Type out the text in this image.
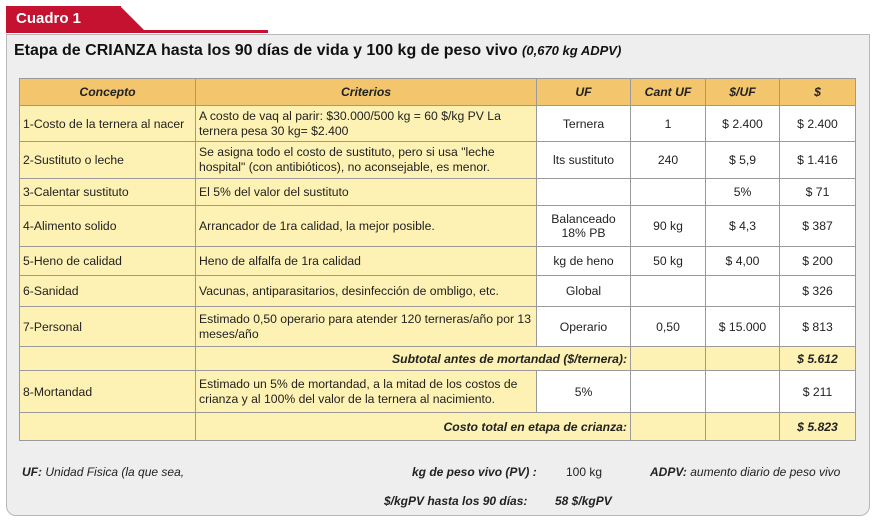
Cuadro 1
Etapa de CRIANZA hasta los 90 días de vida y 100 kg de peso vivo (0,670 kg ADPV)
Concepto	Criterios	UF	Cant UF	$/UF	$
1-Costo de la ternera al nacer	A costo de vaq al parir: $30.000/500 kg = 60 $/kg PV La ternera pesa 30 kg= $2.400	Ternera	1	$ 2.400	$ 2.400
2-Sustituto o leche	Se asigna todo el costo de sustituto, pero si usa "leche hospital" (con antibióticos), no aconsejable, es menor.	lts sustituto	240	$ 5,9	$ 1.416
3-Calentar sustituto	El 5% del valor del sustituto			5%	$ 71
4-Alimento solido	Arrancador de 1ra calidad, la mejor posible.	Balanceado 18% PB	90 kg	$ 4,3	$ 387
5-Heno de calidad	Heno de alfalfa de 1ra calidad	kg de heno	50 kg	$ 4,00	$ 200
6-Sanidad	Vacunas, antiparasitarios, desinfección de ombligo, etc.	Global			$ 326
7-Personal	Estimado 0,50 operario para atender 120 terneras/año por 13 meses/año	Operario	0,50	$ 15.000	$ 813
	Subtotal antes de mortandad ($/ternera):				$ 5.612
8-Mortandad	Estimado un 5% de mortandad, a la mitad de los costos de crianza y al 100% del valor de la ternera al nacimiento.	5%			$ 211
	Costo total en etapa de crianza:				$ 5.823
UF: Unidad Fisica (la que sea,	kg de peso vivo (PV) : 100 kg	ADPV: aumento diario de peso vivo
$/kgPV hasta los 90 días: 58 $/kgPV
